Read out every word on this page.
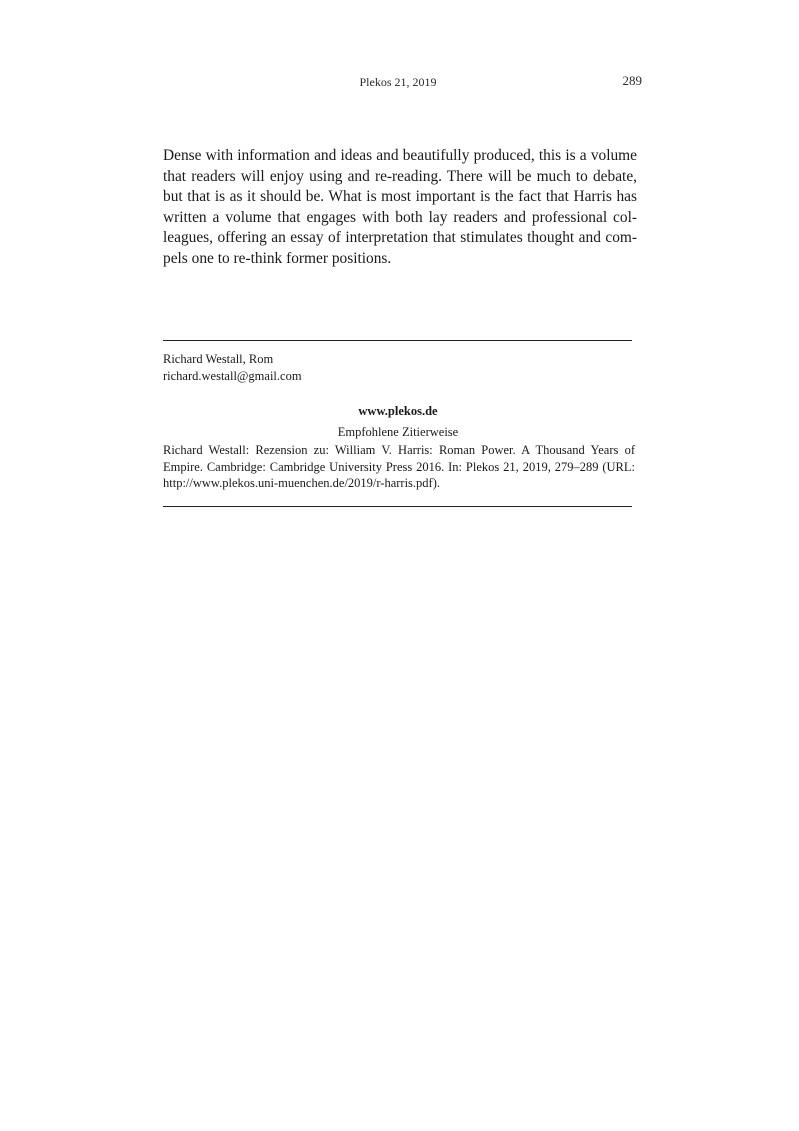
Plekos 21, 2019	289

Dense with information and ideas and beautifully produced, this is a volume that readers will enjoy using and re-reading. There will be much to debate, but that is as it should be. What is most important is the fact that Harris has written a volume that engages with both lay readers and professional colleagues, offering an essay of interpretation that stimulates thought and compels one to re-think former positions.

Richard Westall, Rom
richard.westall@gmail.com
www.plekos.de
Empfohlene Zitierweise

Richard Westall: Rezension zu: William V. Harris: Roman Power. A Thousand Years of Empire. Cambridge: Cambridge University Press 2016. In: Plekos 21, 2019, 279–289 (URL: http://www.plekos.uni-muenchen.de/2019/r-harris.pdf).
